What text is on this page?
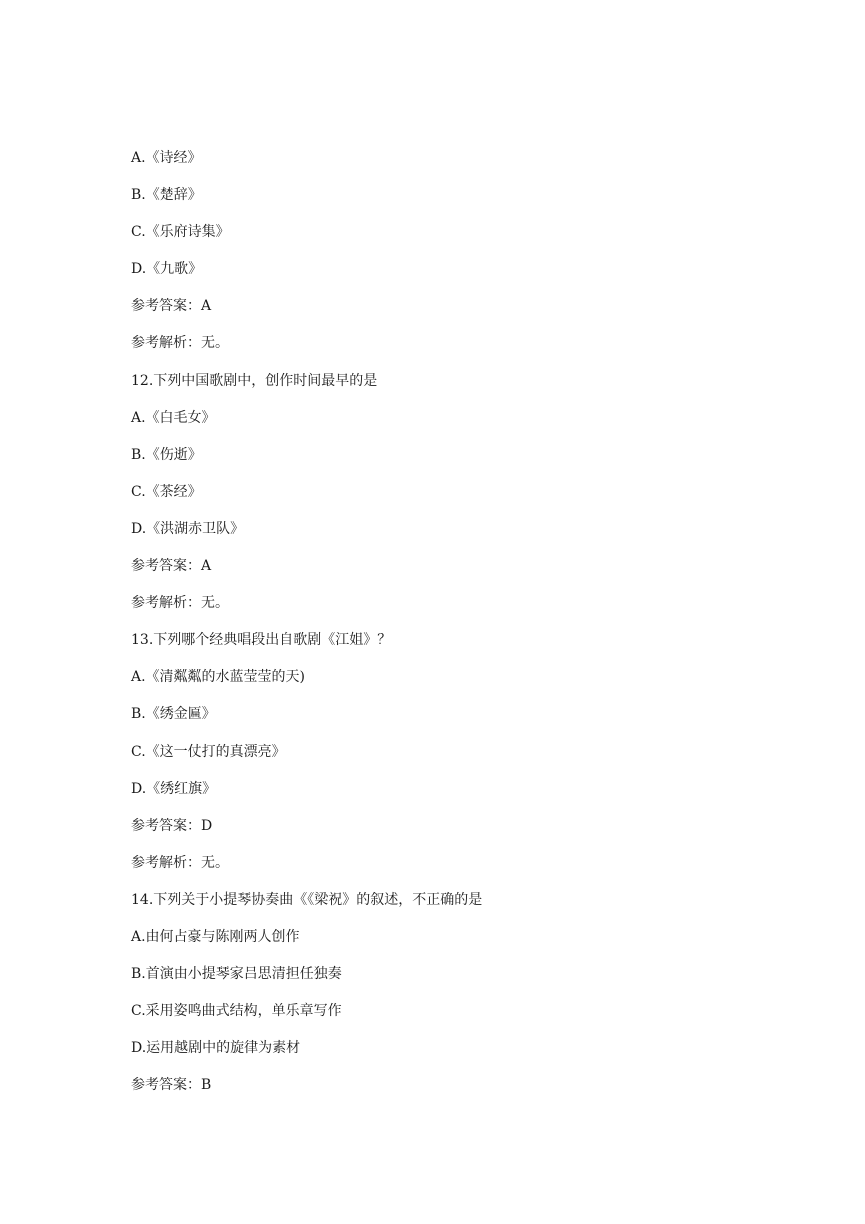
A.《诗经》
B.《楚辞》
C.《乐府诗集》
D.《九歌》
参考答案：A
参考解析：无。
12.下列中国歌剧中，创作时间最早的是
A.《白毛女》
B.《伤逝》
C.《茶经》
D.《洪湖赤卫队》
参考答案：A
参考解析：无。
13.下列哪个经典唱段出自歌剧《江姐》？
A.《清粼粼的水蓝莹莹的天)
B.《绣金匾》
C.《这一仗打的真漂亮》
D.《绣红旗》
参考答案：D
参考解析：无。
14.下列关于小提琴协奏曲《《梁祝》的叙述，不正确的是
A.由何占豪与陈刚两人创作
B.首演由小提琴家吕思清担任独奏
C.采用姿鸣曲式结构，单乐章写作
D.运用越剧中的旋律为素材
参考答案：B
